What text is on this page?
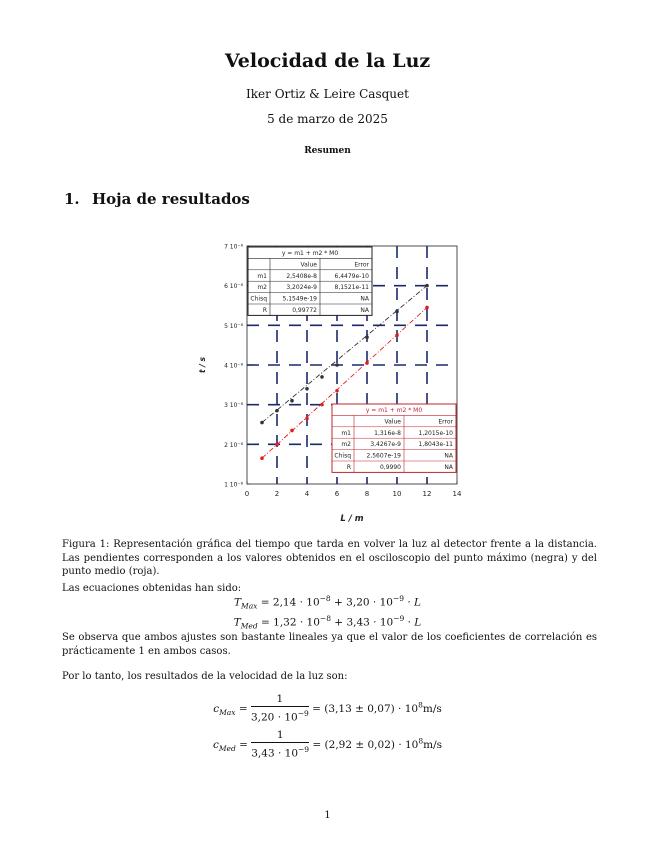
Velocidad de la Luz
Iker Ortiz & Leire Casquet
5 de marzo de 2025
Resumen
1. Hoja de resultados
0	2	4	6	8	10	12	14
1 10⁻⁸
2 10⁻⁸
3 10⁻⁸
4 10⁻⁸
5 10⁻⁸
6 10⁻⁸
7 10⁻⁸
L / m
t / s
y = m1 + m2 * M0
Value	Error
m1	2,5408e-8	6,4479e-10
m2	3,2024e-9	8,1521e-11
Chisq	5,1549e-19	NA
R	0,99772	NA
y = m1 + m2 * M0
Value	Error
m1	1,316e-8	1,2015e-10
m2	3,4267e-9	1,8043e-11
Chisq	2,5607e-19	NA
R	0,9990	NA
Figura 1: Representación gráfica del tiempo que tarda en volver la luz al detector frente a la distancia. Las pendientes corresponden a los valores obtenidos en el osciloscopio del punto máximo (negra) y del punto medio (roja).
Las ecuaciones obtenidas han sido:
$T_{Max} = 2,14 \cdot 10^{-8} + 3,20 \cdot 10^{-9} \cdot L$
$T_{Med} = 1,32 \cdot 10^{-8} + 3,43 \cdot 10^{-9} \cdot L$
Se observa que ambos ajustes son bastante lineales ya que el valor de los coeficientes de correlación es prácticamente 1 en ambos casos.
Por lo tanto, los resultados de la velocidad de la luz son:
$c_{Max} = \frac{1}{3,20 \cdot 10^{-9}} = (3,13 \pm 0,07) \cdot 10^8m/s$
$c_{Med} = \frac{1}{3,43 \cdot 10^{-9}} = (2,92 \pm 0,02) \cdot 10^8m/s$
1
